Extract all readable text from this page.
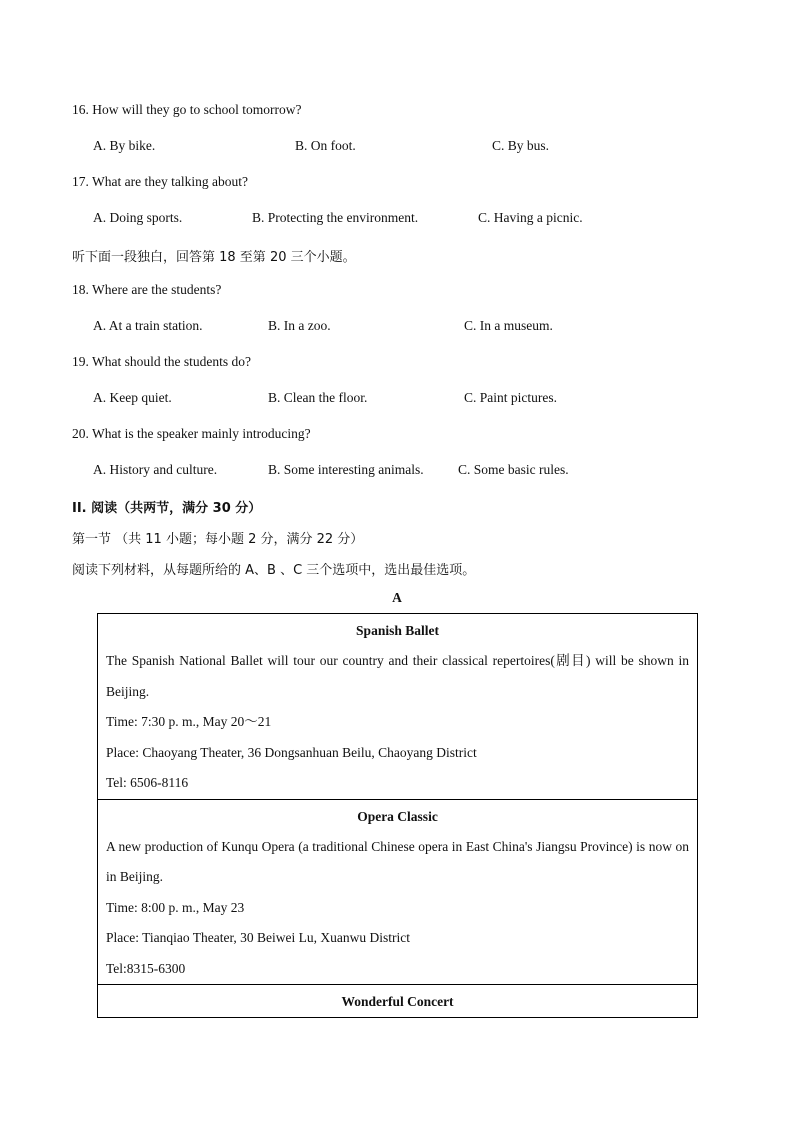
16. How will they go to school tomorrow?
A. By bike.	B. On foot.	C. By bus.
17. What are they talking about?
A. Doing sports.	B. Protecting the environment.	C. Having a picnic.
听下面一段独白，回答第 18 至第 20 三个小题。
18. Where are the students?
A. At a train station.	B. In a zoo.	C. In a museum.
19. What should the students do?
A. Keep quiet.	B. Clean the floor.	C. Paint pictures.
20. What is the speaker mainly introducing?
A. History and culture.	B. Some interesting animals.	C. Some basic rules.
II. 阅读（共两节，满分 30 分）
第一节 （共 11 小题；每小题 2 分，满分 22 分）
阅读下列材料，从每题所给的 A、B 、C 三个选项中，选出最佳选项。
A
Spanish Ballet
The Spanish National Ballet will tour our country and their classical repertoires(剧目) will be shown in Beijing.
Time: 7:30 p. m., May 20～21
Place: Chaoyang Theater, 36 Dongsanhuan Beilu, Chaoyang District
Tel: 6506-8116

Opera Classic
A new production of Kunqu Opera (a traditional Chinese opera in East China's Jiangsu Province) is now on in Beijing.
Time: 8:00 p. m., May 23
Place: Tianqiao Theater, 30 Beiwei Lu, Xuanwu District
Tel:8315-6300

Wonderful Concert
